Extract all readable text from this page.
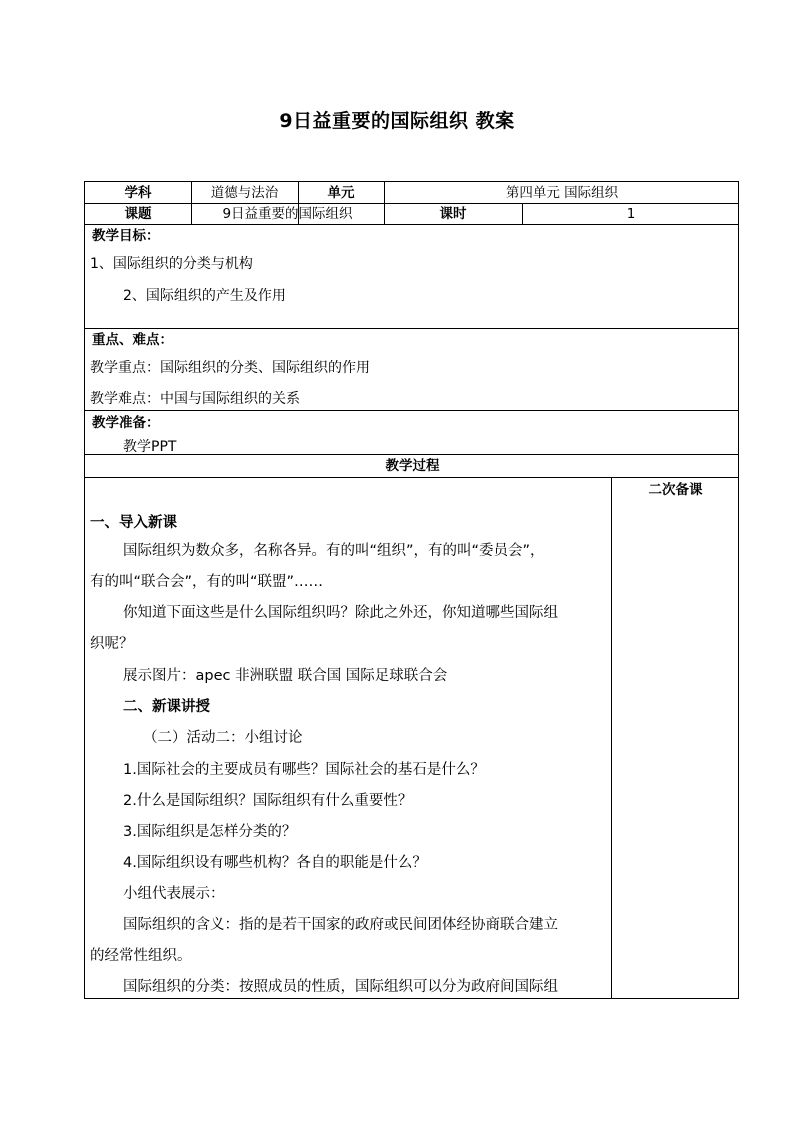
9日益重要的国际组织 教案
学科	道德与法治	单元	第四单元 国际组织
课题	9日益重要的国际组织	课时	1
教学目标：
1、国际组织的分类与机构
2、国际组织的产生及作用
重点、难点：
教学重点：国际组织的分类、国际组织的作用
教学难点：中国与国际组织的关系
教学准备：
教学PPT
教学过程
二次备课
一、导入新课
国际组织为数众多，名称各异。有的叫“组织”，有的叫“委员会”，
有的叫“联合会”，有的叫“联盟”……
你知道下面这些是什么国际组织吗？除此之外还，你知道哪些国际组
织呢？
展示图片：apec 非洲联盟 联合国 国际足球联合会
二、新课讲授
（二）活动二：小组讨论
1.国际社会的主要成员有哪些？国际社会的基石是什么？
2.什么是国际组织？国际组织有什么重要性？
3.国际组织是怎样分类的？
4.国际组织设有哪些机构？各自的职能是什么？
小组代表展示：
国际组织的含义：指的是若干国家的政府或民间团体经协商联合建立
的经常性组织。
国际组织的分类：按照成员的性质，国际组织可以分为政府间国际组
